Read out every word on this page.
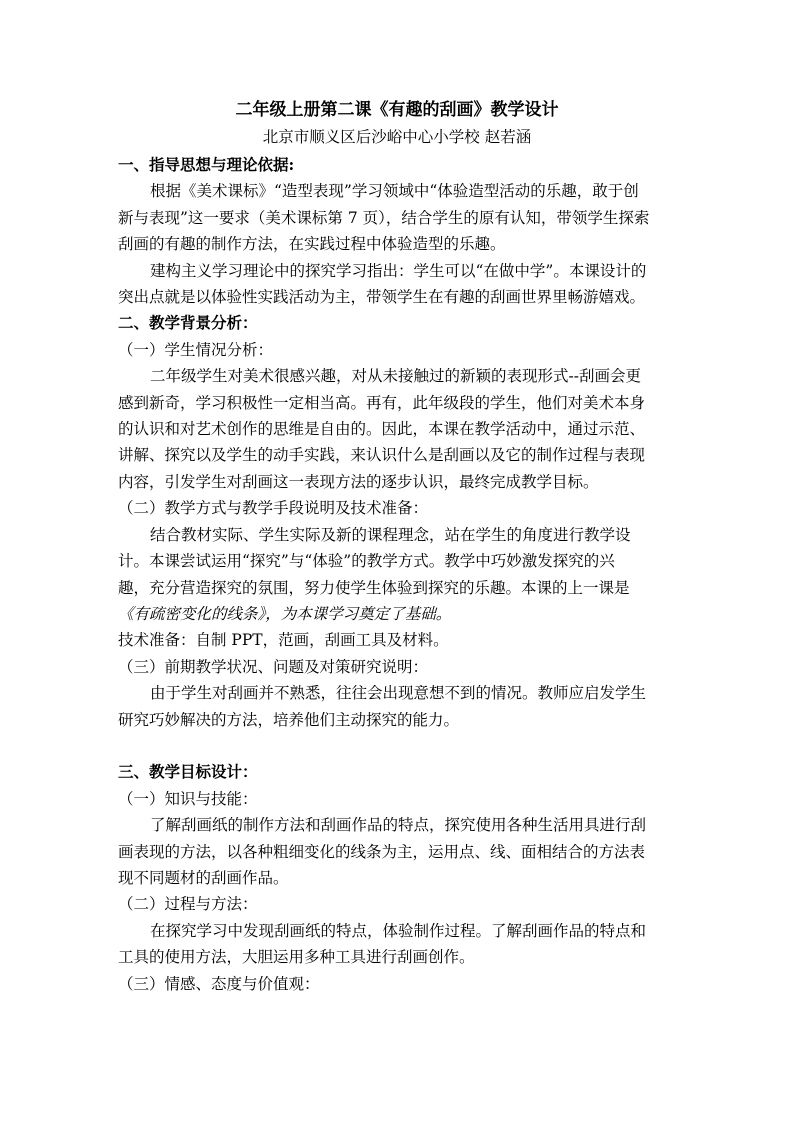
二年级上册第二课《有趣的刮画》教学设计

北京市顺义区后沙峪中心小学校 赵若涵

一、指导思想与理论依据:

根据《美术课标》“造型表现”学习领域中“体验造型活动的乐趣，敢于创

新与表现”这一要求（美术课标第 7 页），结合学生的原有认知，带领学生探索

刮画的有趣的制作方法，在实践过程中体验造型的乐趣。

建构主义学习理论中的探究学习指出：学生可以“在做中学”。本课设计的

突出点就是以体验性实践活动为主，带领学生在有趣的刮画世界里畅游嬉戏。

二、教学背景分析：

（一）学生情况分析：

二年级学生对美术很感兴趣，对从未接触过的新颖的表现形式--刮画会更

感到新奇，学习积极性一定相当高。再有，此年级段的学生，他们对美术本身

的认识和对艺术创作的思维是自由的。因此，本课在教学活动中，通过示范、

讲解、探究以及学生的动手实践，来认识什么是刮画以及它的制作过程与表现

内容，引发学生对刮画这一表现方法的逐步认识，最终完成教学目标。

（二）教学方式与教学手段说明及技术准备：

结合教材实际、学生实际及新的课程理念，站在学生的角度进行教学设

计。本课尝试运用“探究”与“体验”的教学方式。教学中巧妙激发探究的兴

趣，充分营造探究的氛围，努力使学生体验到探究的乐趣。本课的上一课是

《有疏密变化的线条》，为本课学习奠定了基础。

技术准备：自制 PPT，范画，刮画工具及材料。

（三）前期教学状况、问题及对策研究说明：

由于学生对刮画并不熟悉，往往会出现意想不到的情况。教师应启发学生

研究巧妙解决的方法，培养他们主动探究的能力。

三、教学目标设计：

（一）知识与技能：

了解刮画纸的制作方法和刮画作品的特点，探究使用各种生活用具进行刮

画表现的方法，以各种粗细变化的线条为主，运用点、线、面相结合的方法表

现不同题材的刮画作品。

（二）过程与方法：

在探究学习中发现刮画纸的特点，体验制作过程。了解刮画作品的特点和

工具的使用方法，大胆运用多种工具进行刮画创作。

（三）情感、态度与价值观：
